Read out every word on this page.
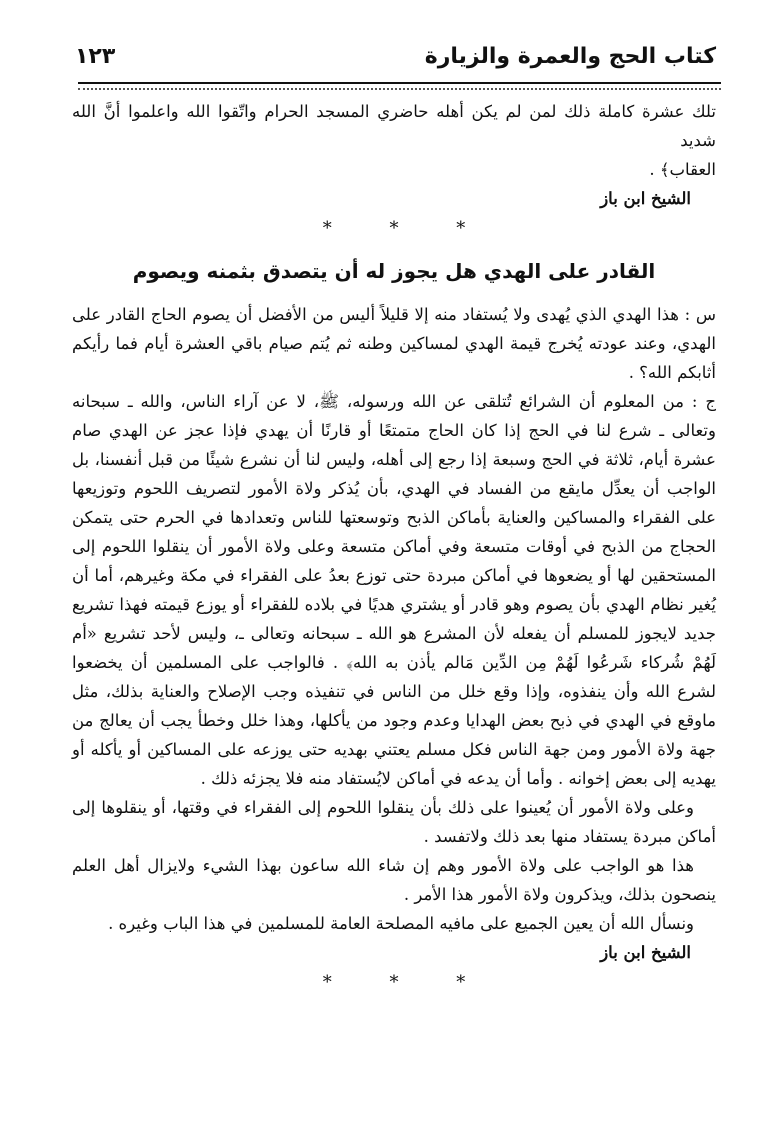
كتاب الحج والعمرة والزيارة
١٢٣

تلك عشرة كاملة ذلك لمن لم يكن أهله حاضري المسجد الحرام واتّقوا الله واعلموا أنَّ الله شديد

العقاب﴾ .

الشيخ ابن باز
* * *
القادر على الهدي هل يجوز له أن يتصدق بثمنه ويصوم

س : هذا الهدي الذي يُهدى ولا يُستفاد منه إلا قليلاً أليس من الأفضل أن يصوم الحاج القادر على الهدي، وعند عودته يُخرج قيمة الهدي لمساكين وطنه ثم يُتم صيام باقي العشرة أيام فما رأيكم أثابكم الله؟ .

ج : من المعلوم أن الشرائع تُتلقى عن الله ورسوله، ﷺ، لا عن آراء الناس، والله ـ سبحانه وتعالى ـ شرع لنا في الحج إذا كان الحاج متمتعًا أو قارنًا أن يهدي فإذا عجز عن الهدي صام عشرة أيام، ثلاثة في الحج وسبعة إذا رجع إلى أهله، وليس لنا أن نشرع شيئًا من قبل أنفسنا، بل الواجب أن يعدِّل مايقع من الفساد في الهدي، بأن يُذكر ولاة الأمور لتصريف اللحوم وتوزيعها على الفقراء والمساكين والعناية بأماكن الذبح وتوسعتها للناس وتعدادها في الحرم حتى يتمكن الحجاج من الذبح في أوقات متسعة وفي أماكن متسعة وعلى ولاة الأمور أن ينقلوا اللحوم إلى المستحقين لها أو يضعوها في أماكن مبردة حتى توزع بعدُ على الفقراء في مكة وغيرهم، أما أن يُغير نظام الهدي بأن يصوم وهو قادر أو يشتري هديًا في بلاده للفقراء أو يوزع قيمته فهذا تشريع جديد لايجوز للمسلم أن يفعله لأن المشرع هو الله ـ سبحانه وتعالى ـ، وليس لأحد تشريع «أم لَهُمْ شُركاء شَرعُوا لَهُمْ مِن الدِّين مَالم يأذن به الله﴾ . فالواجب على المسلمين أن يخضعوا لشرع الله وأن ينفذوه، وإذا وقع خلل من الناس في تنفيذه وجب الإصلاح والعناية بذلك، مثل ماوقع في الهدي في ذبح بعض الهدايا وعدم وجود من يأكلها، وهذا خلل وخطأ يجب أن يعالج من جهة ولاة الأمور ومن جهة الناس فكل مسلم يعتني بهديه حتى يوزعه على المساكين أو يأكله أو يهديه إلى بعض إخوانه . وأما أن يدعه في أماكن لايُستفاد منه فلا يجزئه ذلك .

وعلى ولاة الأمور أن يُعينوا على ذلك بأن ينقلوا اللحوم إلى الفقراء في وقتها، أو ينقلوها إلى أماكن مبردة يستفاد منها بعد ذلك ولاتفسد .

هذا هو الواجب على ولاة الأمور وهم إن شاء الله ساعون بهذا الشيء ولايزال أهل العلم ينصحون بذلك، ويذكرون ولاة الأمور هذا الأمر .

ونسأل الله أن يعين الجميع على مافيه المصلحة العامة للمسلمين في هذا الباب وغيره .

الشيخ ابن باز
* * *
